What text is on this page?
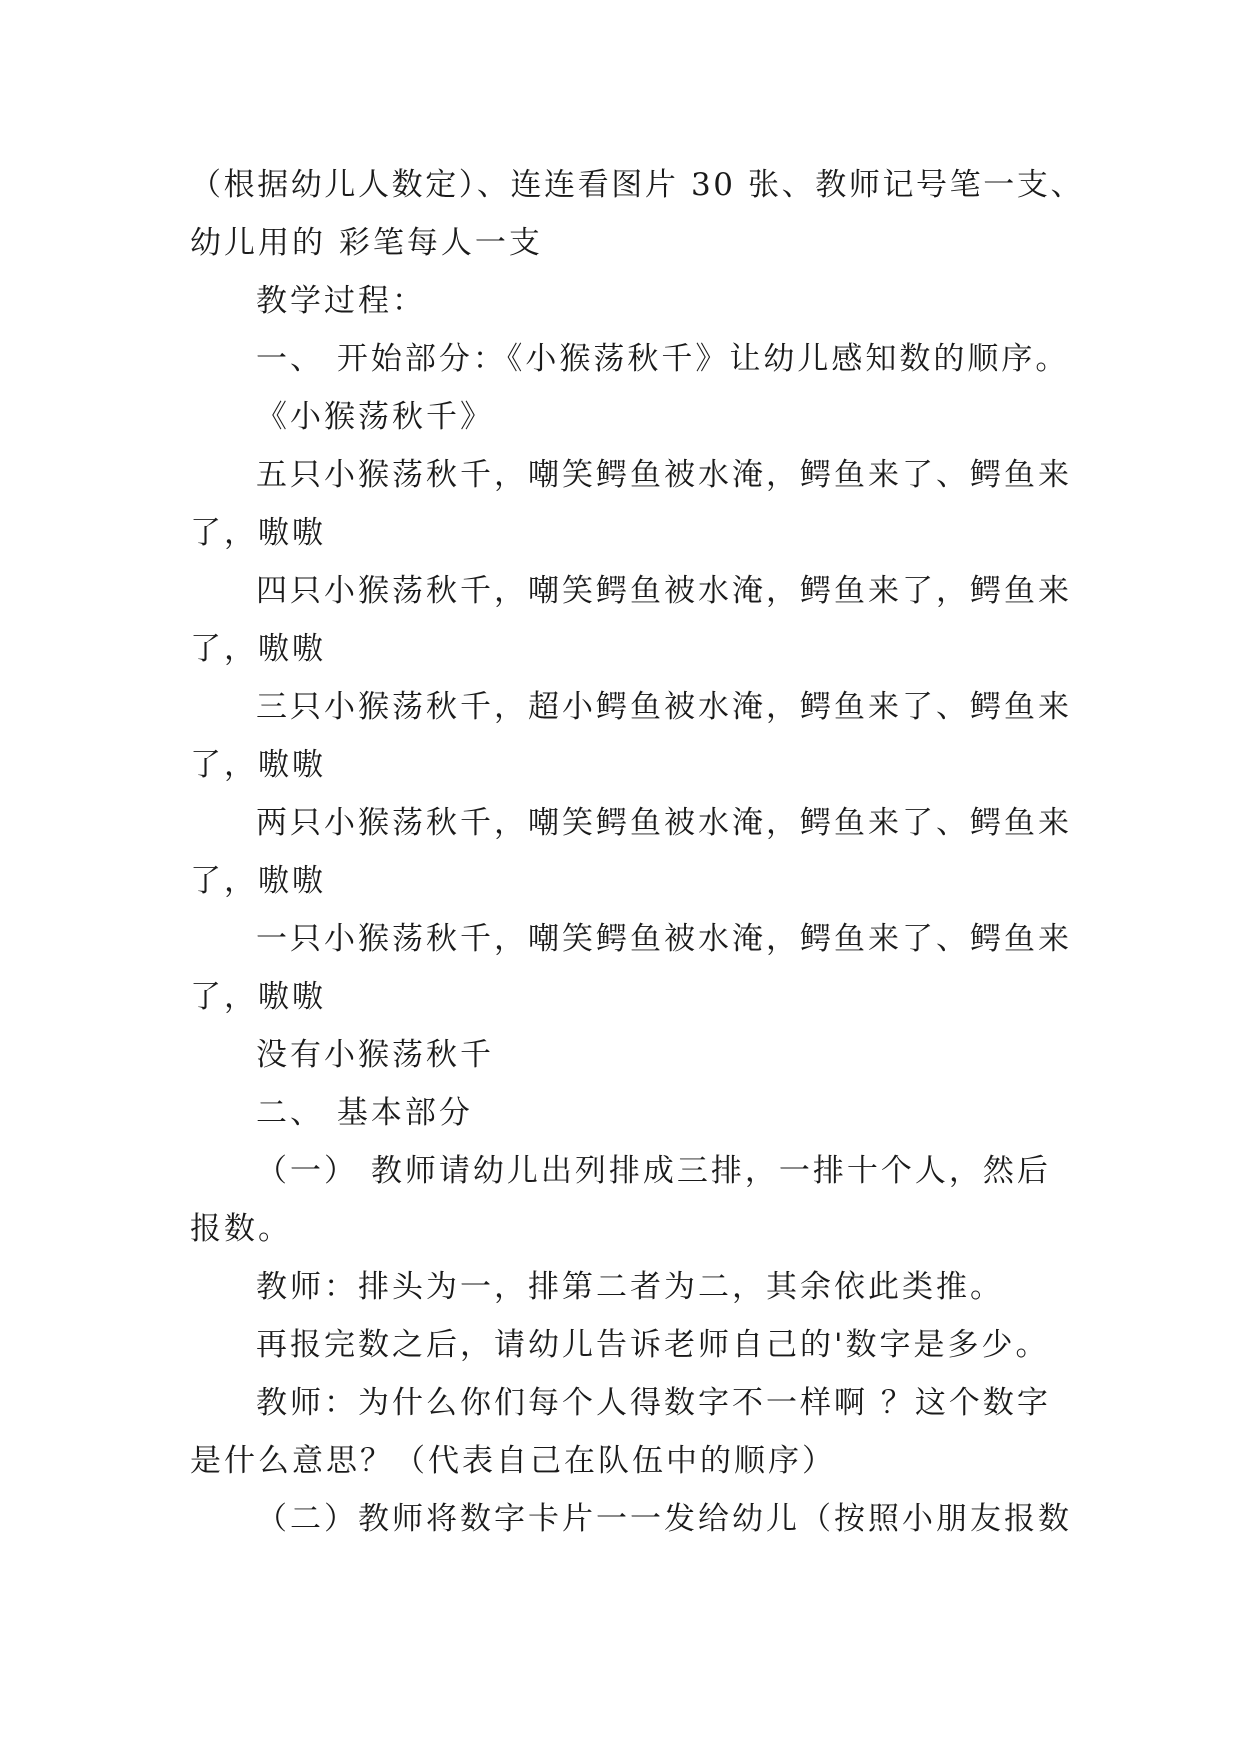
（根据幼儿人数定）、连连看图片 30 张、教师记号笔一支、
幼儿用的 彩笔每人一支
教学过程：
一、 开始部分：《小猴荡秋千》让幼儿感知数的顺序。
《小猴荡秋千》
五只小猴荡秋千，嘲笑鳄鱼被水淹，鳄鱼来了、鳄鱼来
了，嗷嗷
四只小猴荡秋千，嘲笑鳄鱼被水淹，鳄鱼来了，鳄鱼来
了，嗷嗷
三只小猴荡秋千，超小鳄鱼被水淹，鳄鱼来了、鳄鱼来
了，嗷嗷
两只小猴荡秋千，嘲笑鳄鱼被水淹，鳄鱼来了、鳄鱼来
了，嗷嗷
一只小猴荡秋千，嘲笑鳄鱼被水淹，鳄鱼来了、鳄鱼来
了，嗷嗷
没有小猴荡秋千
二、 基本部分
（一） 教师请幼儿出列排成三排，一排十个人，然后
报数。
教师：排头为一，排第二者为二，其余依此类推。
再报完数之后，请幼儿告诉老师自己的'数字是多少。
教师：为什么你们每个人得数字不一样啊 ？这个数字
是什么意思？（代表自己在队伍中的顺序）
（二）教师将数字卡片一一发给幼儿（按照小朋友报数
